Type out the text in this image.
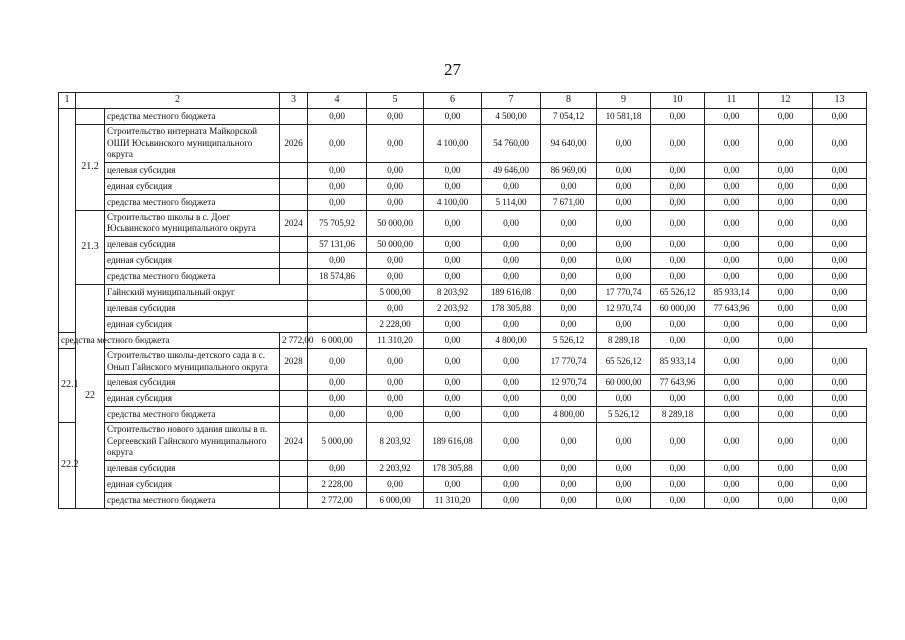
27
1	2		3	4	5	6	7	8	9	10	11	12	13	
		средства местного бюджета		0,00	0,00	0,00	4 500,00	7 054,12	10 581,18	0,00	0,00	0,00	0,00	
	21.2	Строительство интерната Майкорской ОШИ Юсьвинского муниципального округа	2026	0,00	0,00	4 100,00	54 760,00	94 640,00	0,00	0,00	0,00	0,00	0,00	
		целевая субсидия		0,00	0,00	0,00	49 646,00	86 969,00	0,00	0,00	0,00	0,00	0,00	
		единая субсидия		0,00	0,00	0,00	0,00	0,00	0,00	0,00	0,00	0,00	0,00	
		средства местного бюджета		0,00	0,00	4 100,00	5 114,00	7 671,00	0,00	0,00	0,00	0,00	0,00	
	21.3	Строительство школы в с. Доег Юсьвинского муниципального округа	2024	75 705,92	50 000,00	0,00	0,00	0,00	0,00	0,00	0,00	0,00	0,00	
		целевая субсидия		57 131,06	50 000,00	0,00	0,00	0,00	0,00	0,00	0,00	0,00	0,00	
		единая субсидия		0,00	0,00	0,00	0,00	0,00	0,00	0,00	0,00	0,00	0,00	
		средства местного бюджета		18 574,86	0,00	0,00	0,00	0,00	0,00	0,00	0,00	0,00	0,00	
	22	Гайнский муниципальный округ			5 000,00	8 203,92	189 616,08	0,00	17 770,74	65 526,12	85 933,14	0,00	0,00	
		целевая субсидия			0,00	2 203,92	178 305,88	0,00	12 970,74	60 000,00	77 643,96	0,00	0,00	
		единая субсидия			2 228,00	0,00	0,00	0,00	0,00	0,00	0,00	0,00	0,00	
средства местного бюджета			2 772,00	6 000,00	11 310,20	0,00	4 800,00	5 526,12	8 289,18	0,00	0,00	0,00		
22.1		Строительство школы-детского сада в с. Онып Гайнского муниципального округа	2028	0,00	0,00	0,00	0,00	17 770,74	65 526,12	85 933,14	0,00	0,00	0,00	
		целевая субсидия		0,00	0,00	0,00	0,00	12 970,74	60 000,00	77 643,96	0,00	0,00	0,00	
		единая субсидия		0,00	0,00	0,00	0,00	0,00	0,00	0,00	0,00	0,00	0,00	
		средства местного бюджета		0,00	0,00	0,00	0,00	4 800,00	5 526,12	8 289,18	0,00	0,00	0,00	
22.2		Строительство нового здания школы в п. Сергеевский Гайнского муниципального округа	2024	5 000,00	8 203,92	189 616,08	0,00	0,00	0,00	0,00	0,00	0,00	0,00	
		целевая субсидия		0,00	2 203,92	178 305,88	0,00	0,00	0,00	0,00	0,00	0,00	0,00	
		единая субсидия		2 228,00	0,00	0,00	0,00	0,00	0,00	0,00	0,00	0,00	0,00	
		средства местного бюджета		2 772,00	6 000,00	11 310,20	0,00	0,00	0,00	0,00	0,00	0,00	0,00	
